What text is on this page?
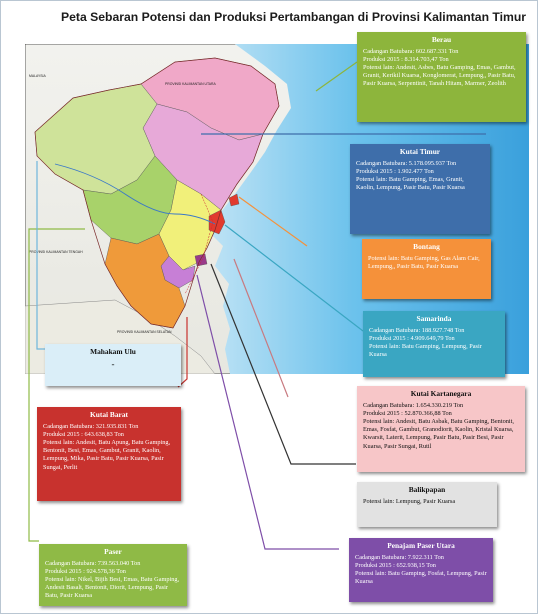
Peta Sebaran Potensi dan Produksi Pertambangan di Provinsi Kalimantan Timur
PROVINSI KALIMANTAN UTARA
PROVINSI KALIMANTAN TENGAH
PROVINSI KALIMANTAN SELATAN
MALAYSIA
Berau
Cadangan Batubara: 602.687.331 Ton
Produksi 2015 : 8.314.703,47 Ton
Potensi lain: Andesit, Asbes, Batu Gamping, Emas, Gambut, Granit, Kerikil Kuarsa, Konglomerat, Lempung,, Pasir Batu, Pasir Kuarsa, Serpentinit, Tanah Hitam, Marmer, Zeolith
Kutai Timur
Cadangan Batubara: 5.178.095.937 Ton
Produksi 2015 : 1.902.477 Ton
Potensi lain: Batu Gamping, Emas, Granit, Kaolin, Lempung, Pasir Batu, Pasir Kuarsa
Bontang
Potensi lain: Batu Gamping, Gas Alam Cair, Lempung,, Pasir Batu, Pasir Kuarsa
Samarinda
Cadangan Batubara: 188.927.748 Ton
Produksi 2015 : 4.909.649,79 Ton
Potensi lain: Batu Gamping, Lempung, Pasir Kuarsa
Kutai Kartanegara
Cadangan Batubara: 1.654.330.219 Ton
Produksi 2015 : 52.870.366,88 Ton
Potensi lain: Andesit, Batu Asbak, Batu Gamping, Bentonit, Emas, Fosfat, Gambut, Granodiorit, Kaolin, Kristal Kuarsa, Kwarsit, Laterit, Lempung, Pasir Batu, Pasir Besi, Pasir Kuarsa, Pasir Sungai, Rutil
Balikpapan
Potensi lain: Lempung, Pasir Kuarsa
Penajam Paser Utara
Cadangan Batubara: 7.922.311 Ton
Produksi 2015 : 652.938,15 Ton
Potensi lain: Batu Gamping, Fosfat, Lempung, Pasir Kuarsa
Mahakam Ulu
-
Kutai Barat
Cadangan Batubara: 321.935.831 Ton
Produksi 2015 : 643.638,83 Ton
Potensi lain: Andesit, Batu Apung, Batu Gamping, Bentonit, Besi, Emas, Gambut, Granit, Kaolin, Lempung, Mika, Pasir Batu, Pasir Kuarsa, Pasir Sungai, Perlit
Paser
Cadangan Batubara: 739.563.040 Ton
Produksi 2015 : 924.578,36 Ton
Potensi lain: Nikel, Bijih Besi, Emas, Batu Gamping, Andesit Basalt, Bentonit, Diorit, Lempung, Pasir Batu, Pasir Kuarsa
